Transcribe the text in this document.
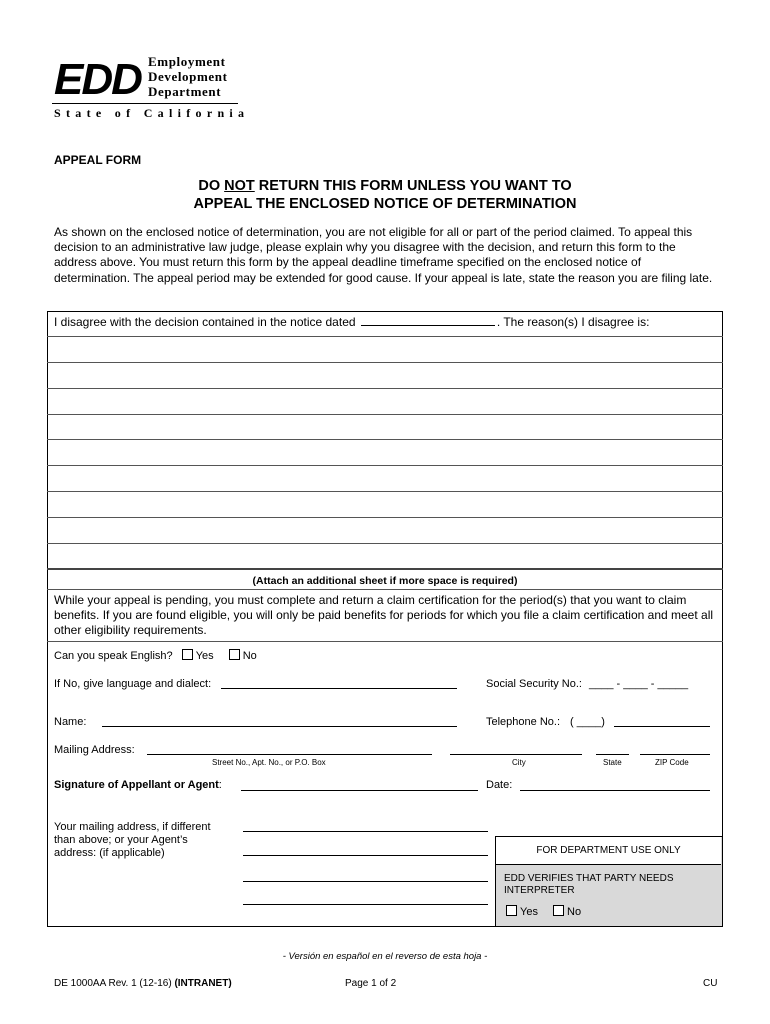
EDD Employment
Development
Department
State of California
APPEAL FORM
DO NOT RETURN THIS FORM UNLESS YOU WANT TO
APPEAL THE ENCLOSED NOTICE OF DETERMINATION
As shown on the enclosed notice of determination, you are not eligible for all or part of the period claimed. To appeal this decision to an administrative law judge, please explain why you disagree with the decision, and return this form to the address above. You must return this form by the appeal deadline timeframe specified on the enclosed notice of determination. The appeal period may be extended for good cause. If your appeal is late, state the reason you are filing late.
I disagree with the decision contained in the notice dated	. The reason(s) I disagree is:
(Attach an additional sheet if more space is required)
While your appeal is pending, you must complete and return a claim certification for the period(s) that you want to claim benefits. If you are found eligible, you will only be paid benefits for periods for which you file a claim certification and meet all other eligibility requirements.
Can you speak English? Yes	No
If No, give language and dialect:	Social Security No.: ____ - ____ - _____
Name:	Telephone No.: ( ____)
Mailing Address:
Street No., Apt. No., or P.O. Box	City	State	ZIP Code
Signature of Appellant or Agent:	Date:
Your mailing address, if different
than above; or your Agent’s
address: (if applicable)	FOR DEPARTMENT USE ONLY
EDD VERIFIES THAT PARTY NEEDS
INTERPRETER
Yes	No
- Versión en español en el reverso de esta hoja -
DE 1000AA Rev. 1 (12-16) (INTRANET)	Page 1 of 2	CU
